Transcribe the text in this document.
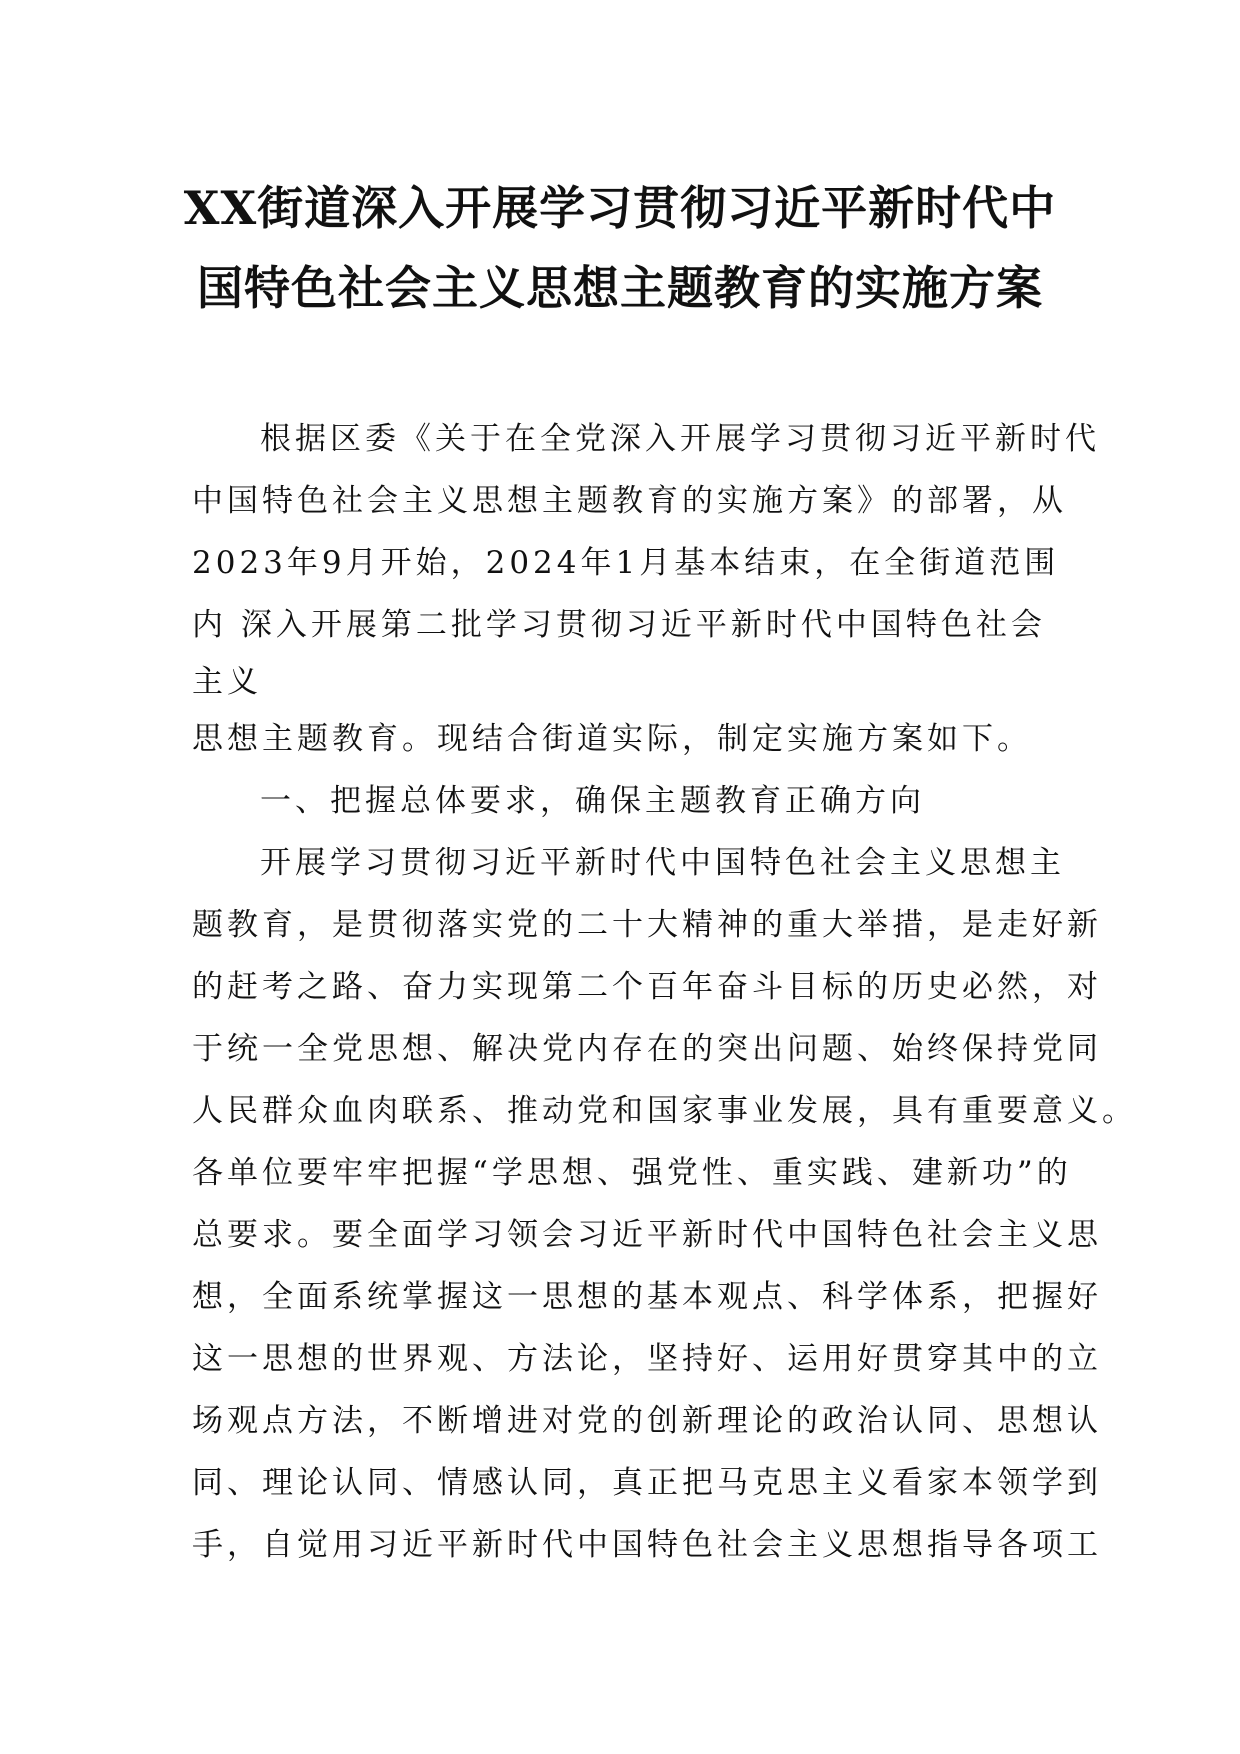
XX街道深入开展学习贯彻习近平新时代中
国特色社会主义思想主题教育的实施方案
根据区委《关于在全党深入开展学习贯彻习近平新时代
中国特色社会主义思想主题教育的实施方案》的部署，从
2023年9月开始，2024年1月基本结束，在全街道范围
内 深入开展第二批学习贯彻习近平新时代中国特色社会
主义
思想主题教育。现结合街道实际，制定实施方案如下。
一、把握总体要求，确保主题教育正确方向
开展学习贯彻习近平新时代中国特色社会主义思想主
题教育，是贯彻落实党的二十大精神的重大举措，是走好新
的赶考之路、奋力实现第二个百年奋斗目标的历史必然，对
于统一全党思想、解决党内存在的突出问题、始终保持党同
人民群众血肉联系、推动党和国家事业发展，具有重要意义。
各单位要牢牢把握“学思想、强党性、重实践、建新功”的
总要求。要全面学习领会习近平新时代中国特色社会主义思
想，全面系统掌握这一思想的基本观点、科学体系，把握好
这一思想的世界观、方法论，坚持好、运用好贯穿其中的立
场观点方法，不断增进对党的创新理论的政治认同、思想认
同、理论认同、情感认同，真正把马克思主义看家本领学到
手，自觉用习近平新时代中国特色社会主义思想指导各项工
